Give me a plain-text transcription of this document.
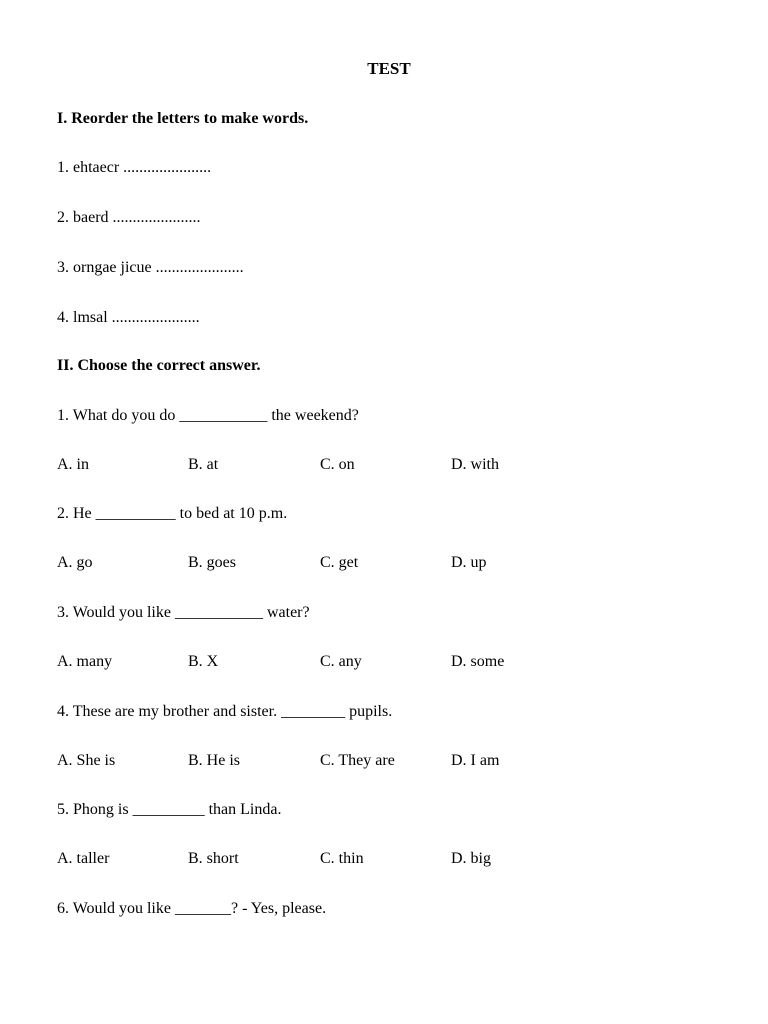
TEST
I. Reorder the letters to make words.
1. ehtaecr ......................
2. baerd ......................
3. orngae jicue ......................
4. lmsal ......................
II. Choose the correct answer.
1. What do you do ___________ the weekend?
A. in	B. at	C. on	D. with
2. He __________ to bed at 10 p.m.
A. go	B. goes	C. get	D. up
3. Would you like ___________ water?
A. many	B. X	C. any	D. some
4. These are my brother and sister. ________ pupils.
A. She is	B. He is	C. They are	D. I am
5. Phong is _________ than Linda.
A. taller	B. short	C. thin	D. big
6. Would you like _______? - Yes, please.
